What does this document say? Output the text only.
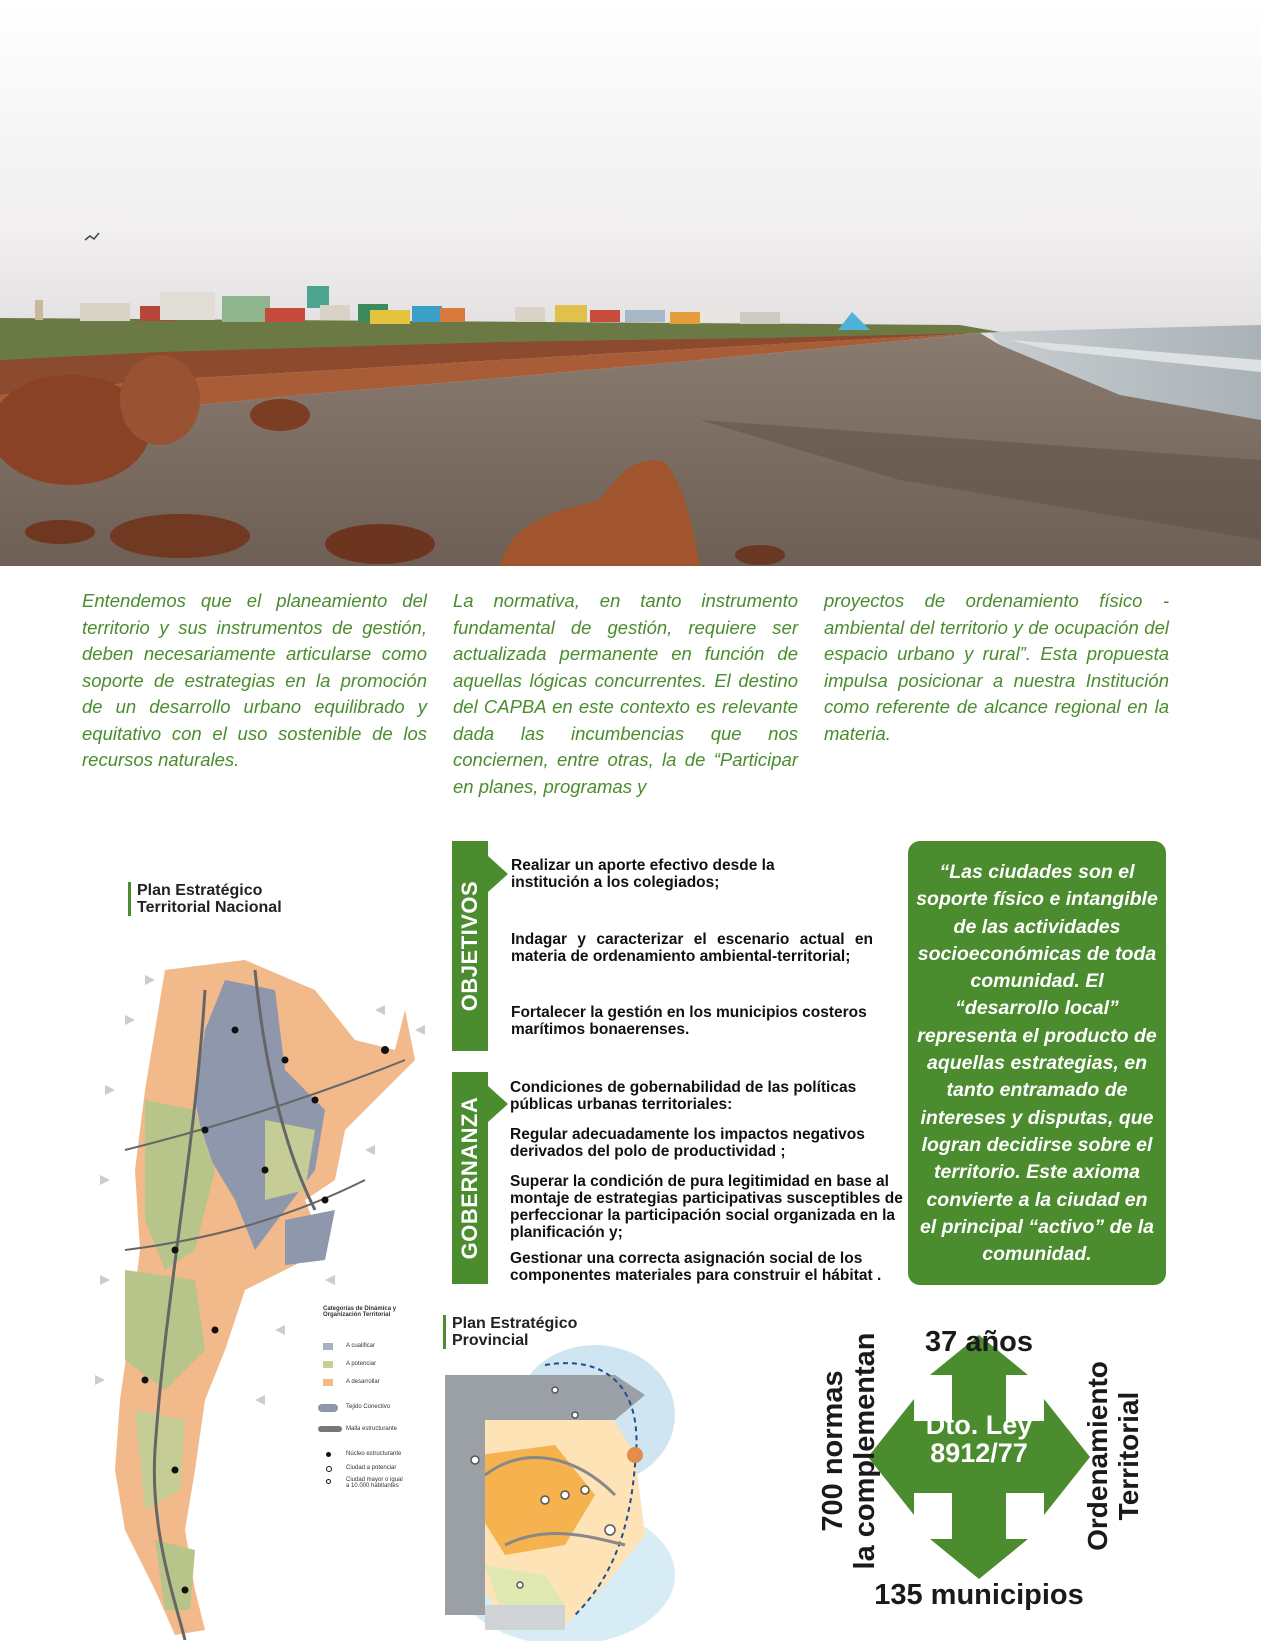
Entendemos que el planeamiento del territorio y sus instrumentos de gestión, deben necesariamente articularse como soporte de estrategias en la promoción de un desarrollo urbano equilibrado y equitativo con el uso sostenible de los recursos naturales.

La normativa, en tanto instrumento fundamental de gestión, requiere ser actualizada permanente en función de aquellas lógicas concurrentes. El destino del CAPBA en este contexto es relevante dada las incumbencias que nos conciernen, entre otras, la de “Participar en planes, programas y

proyectos de ordenamiento físico - ambiental del territorio y de ocupación del espacio urbano y rural”. Esta propuesta impulsa posicionar a nuestra Institución como referente de alcance regional en la materia.

Plan Estratégico Territorial Nacional
Categorías de Dinámica y Organización Territorial
A cualificar
A potenciar
A desarrollar
Tejido Conectivo
Malla estructurante
Núcleo estructurante
Ciudad a potenciar
Ciudad mayor o igual a 10.000 habitantes
OBJETIVOS
Realizar un aporte efectivo desde la institución a los colegiados;
Indagar y caracterizar el escenario actual en materia de ordenamiento ambiental-territorial;
Fortalecer la gestión en los municipios costeros marítimos bonaerenses.
GOBERNANZA
Condiciones de gobernabilidad de las políticas públicas urbanas territoriales:
Regular adecuadamente los impactos negativos derivados del polo de productividad ;
Superar la condición de pura legitimidad en base al montaje de estrategias participativas susceptibles de perfeccionar la participación social organizada en la planificación y;
Gestionar una correcta asignación social de los componentes materiales para construir el hábitat .
“Las ciudades son el soporte físico e intangible de las actividades socioeconómicas de toda comunidad. El “desarrollo local” representa el producto de aquellas estrategias, en tanto entramado de intereses y disputas, que logran decidirse sobre el territorio. Este axioma convierte a la ciudad en el principal “activo” de la comunidad.
Plan Estratégico Provincial
Dto. Ley
8912/77
37 años
135 municipios
700 normas la complementan	Ordenamiento Territorial
